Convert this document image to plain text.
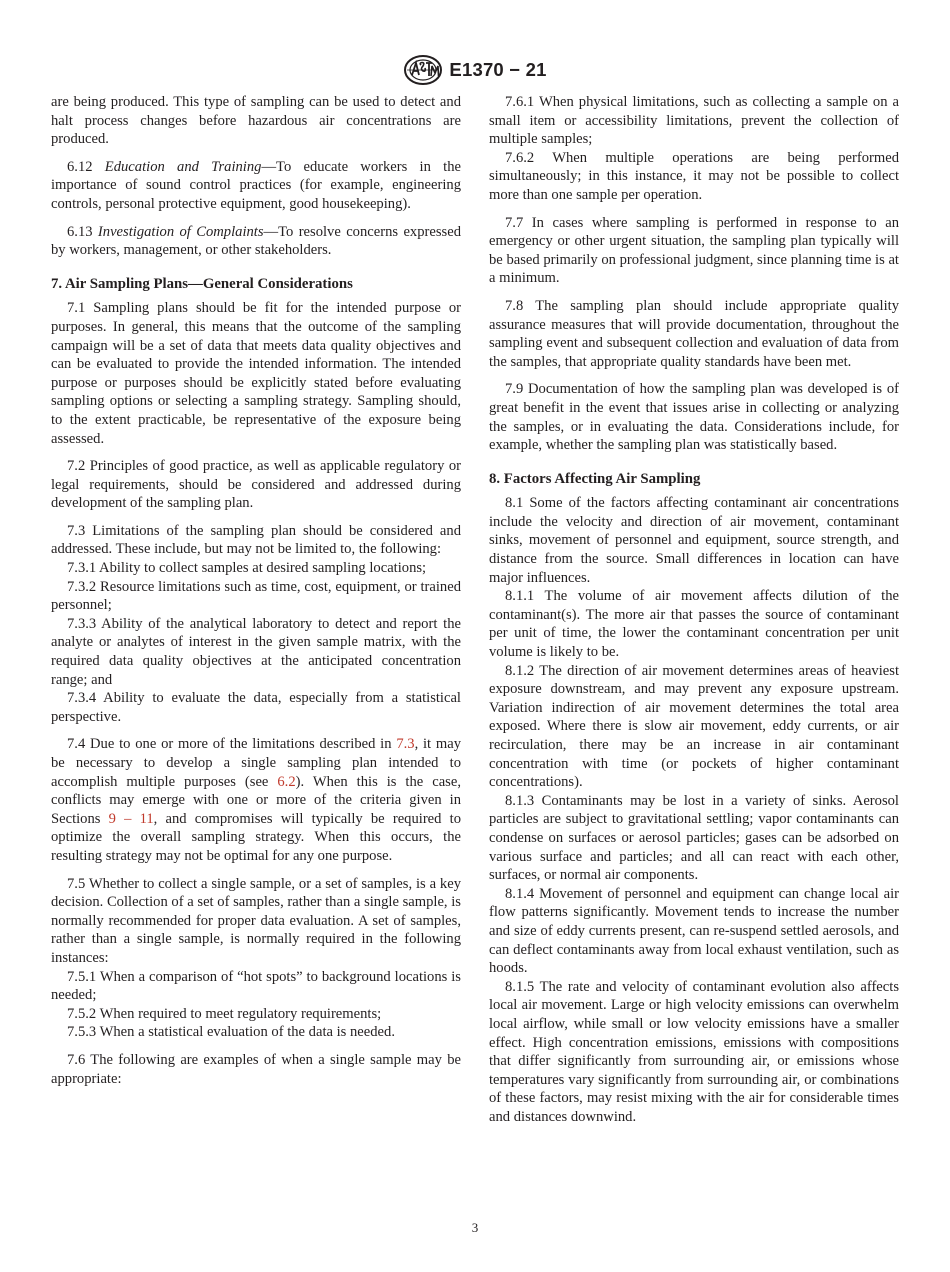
E1370 − 21

are being produced. This type of sampling can be used to detect and halt process changes before hazardous air concentrations are produced.

6.12 Education and Training—To educate workers in the importance of sound control practices (for example, engineering controls, personal protective equipment, good housekeeping).

6.13 Investigation of Complaints—To resolve concerns expressed by workers, management, or other stakeholders.

7. Air Sampling Plans—General Considerations

7.1 Sampling plans should be fit for the intended purpose or purposes. In general, this means that the outcome of the sampling campaign will be a set of data that meets data quality objectives and can be evaluated to provide the intended information. The intended purpose or purposes should be explicitly stated before evaluating sampling options or selecting a sampling strategy. Sampling should, to the extent practicable, be representative of the exposure being assessed.

7.2 Principles of good practice, as well as applicable regulatory or legal requirements, should be considered and addressed during development of the sampling plan.

7.3 Limitations of the sampling plan should be considered and addressed. These include, but may not be limited to, the following:

7.3.1 Ability to collect samples at desired sampling locations;

7.3.2 Resource limitations such as time, cost, equipment, or trained personnel;

7.3.3 Ability of the analytical laboratory to detect and report the analyte or analytes of interest in the given sample matrix, with the required data quality objectives at the anticipated concentration range; and

7.3.4 Ability to evaluate the data, especially from a statistical perspective.

7.4 Due to one or more of the limitations described in 7.3, it may be necessary to develop a single sampling plan intended to accomplish multiple purposes (see 6.2). When this is the case, conflicts may emerge with one or more of the criteria given in Sections 9 – 11, and compromises will typically be required to optimize the overall sampling strategy. When this occurs, the resulting strategy may not be optimal for any one purpose.

7.5 Whether to collect a single sample, or a set of samples, is a key decision. Collection of a set of samples, rather than a single sample, is normally recommended for proper data evaluation. A set of samples, rather than a single sample, is normally required in the following instances:

7.5.1 When a comparison of “hot spots” to background locations is needed;

7.5.2 When required to meet regulatory requirements;

7.5.3 When a statistical evaluation of the data is needed.

7.6 The following are examples of when a single sample may be appropriate:

7.6.1 When physical limitations, such as collecting a sample on a small item or accessibility limitations, prevent the collection of multiple samples;

7.6.2 When multiple operations are being performed simultaneously; in this instance, it may not be possible to collect more than one sample per operation.

7.7 In cases where sampling is performed in response to an emergency or other urgent situation, the sampling plan typically will be based primarily on professional judgment, since planning time is at a minimum.

7.8 The sampling plan should include appropriate quality assurance measures that will provide documentation, throughout the sampling event and subsequent collection and evaluation of data from the samples, that appropriate quality standards have been met.

7.9 Documentation of how the sampling plan was developed is of great benefit in the event that issues arise in collecting or analyzing the samples, or in evaluating the data. Considerations include, for example, whether the sampling plan was statistically based.

8. Factors Affecting Air Sampling

8.1 Some of the factors affecting contaminant air concentrations include the velocity and direction of air movement, contaminant sinks, movement of personnel and equipment, source strength, and distance from the source. Small differences in location can have major influences.

8.1.1 The volume of air movement affects dilution of the contaminant(s). The more air that passes the source of contaminant per unit of time, the lower the contaminant concentration per unit volume is likely to be.

8.1.2 The direction of air movement determines areas of heaviest exposure downstream, and may prevent any exposure upstream. Variation indirection of air movement determines the total area exposed. Where there is slow air movement, eddy currents, or air recirculation, there may be an increase in air contaminant concentration with time (or pockets of higher contaminant concentrations).

8.1.3 Contaminants may be lost in a variety of sinks. Aerosol particles are subject to gravitational settling; vapor contaminants can condense on surfaces or aerosol particles; gases can be adsorbed on various surface and particles; and all can react with each other, surfaces, or normal air components.

8.1.4 Movement of personnel and equipment can change local air flow patterns significantly. Movement tends to increase the number and size of eddy currents present, can re-suspend settled aerosols, and can deflect contaminants away from local exhaust ventilation, such as hoods.

8.1.5 The rate and velocity of contaminant evolution also affects local air movement. Large or high velocity emissions can overwhelm local airflow, while small or low velocity emissions have a smaller effect. High concentration emissions, emissions with compositions that differ significantly from surrounding air, or emissions whose temperatures vary significantly from surrounding air, or combinations of these factors, may resist mixing with the air for considerable times and distances downwind.

3
